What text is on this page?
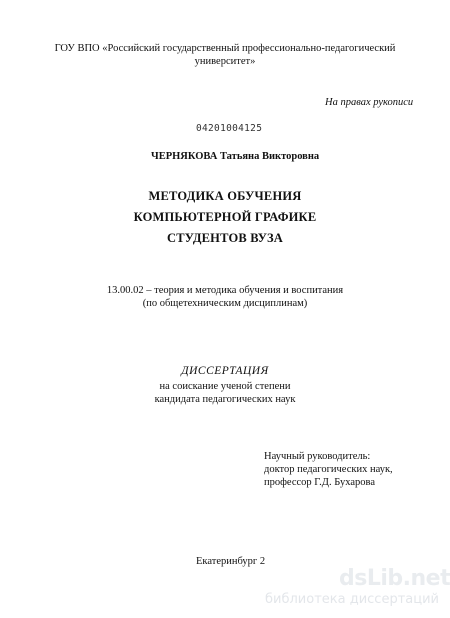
ГОУ ВПО «Российский государственный профессионально-педагогический
университет»
На правах рукописи
04201004125
ЧЕРНЯКОВА Татьяна Викторовна
МЕТОДИКА ОБУЧЕНИЯ
КОМПЬЮТЕРНОЙ ГРАФИКЕ
СТУДЕНТОВ ВУЗА
13.00.02 – теория и методика обучения и воспитания
(по общетехническим дисциплинам)
ДИССЕРТАЦИЯ
на соискание ученой степени
кандидата педагогических наук
Научный руководитель:
доктор педагогических наук,
профессор Г.Д. Бухарова
Екатеринбург 2
dsLib.net
библиотека диссертаций
